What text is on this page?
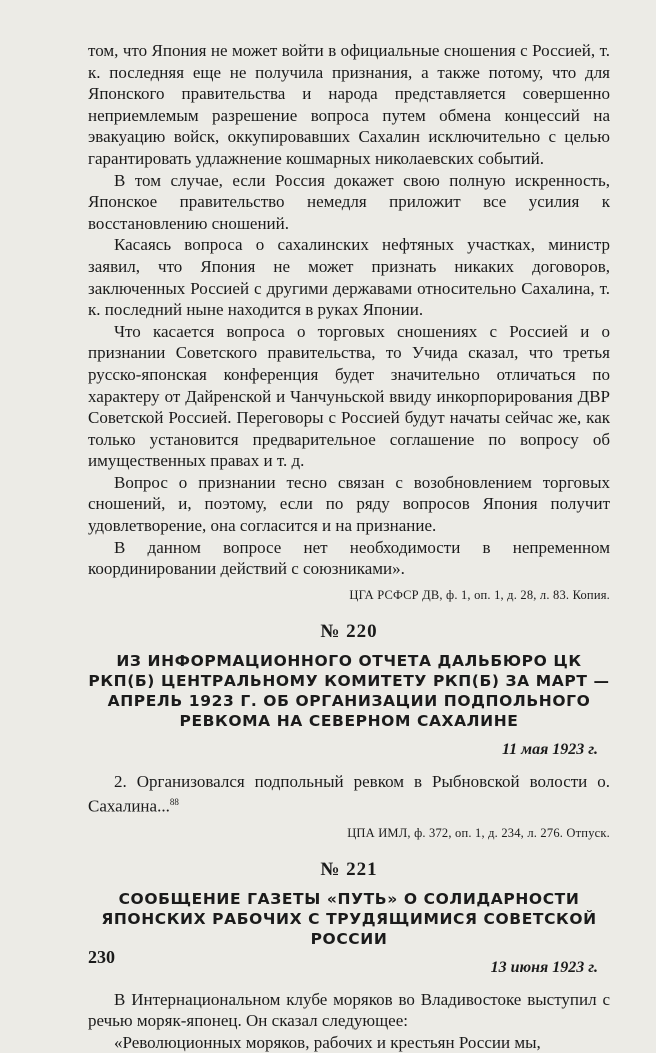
том, что Япония не может войти в официальные сношения с Россией, т. к. последняя еще не получила признания, а также потому, что для Японского правительства и народа представляется совершенно неприемлемым разрешение вопроса путем обмена концессий на эвакуацию войск, оккупировавших Сахалин исключительно с целью гарантировать удлажнение кошмарных николаевских событий.

В том случае, если Россия докажет свою полную искренность, Японское правительство немедля приложит все усилия к восстановлению сношений.

Касаясь вопроса о сахалинских нефтяных участках, министр заявил, что Япония не может признать никаких договоров, заключенных Россией с другими державами относительно Сахалина, т. к. последний ныне находится в руках Японии.

Что касается вопроса о торговых сношениях с Россией и о признании Советского правительства, то Учида сказал, что третья русско-японская конференция будет значительно отличаться по характеру от Дайренской и Чанчуньской ввиду инкорпорирования ДВР Советской Россией. Переговоры с Россией будут начаты сейчас же, как только установится предварительное соглашение по вопросу об имущественных правах и т. д.

Вопрос о признании тесно связан с возобновлением торговых сношений, и, поэтому, если по ряду вопросов Япония получит удовлетворение, она согласится и на признание.

В данном вопросе нет необходимости в непременном координировании действий с союзниками».

ЦГА РСФСР ДВ, ф. 1, оп. 1, д. 28, л. 83. Копия.

№ 220

ИЗ ИНФОРМАЦИОННОГО ОТЧЕТА ДАЛЬБЮРО ЦК РКП(Б) ЦЕНТРАЛЬНОМУ КОМИТЕТУ РКП(Б) ЗА МАРТ — АПРЕЛЬ 1923 Г. ОБ ОРГАНИЗАЦИИ ПОДПОЛЬНОГО РЕВКОМА НА СЕВЕРНОМ САХАЛИНЕ

11 мая 1923 г.

2. Организовался подпольный ревком в Рыбновской волости о. Сахалина...$^{88}$

ЦПА ИМЛ, ф. 372, оп. 1, д. 234, л. 276. Отпуск.

№ 221

СООБЩЕНИЕ ГАЗЕТЫ «ПУТЬ» О СОЛИДАРНОСТИ ЯПОНСКИХ РАБОЧИХ С ТРУДЯЩИМИСЯ СОВЕТСКОЙ РОССИИ

13 июня 1923 г.

В Интернациональном клубе моряков во Владивостоке выступил с речью моряк-японец. Он сказал следующее:

«Революционных моряков, рабочих и крестьян России мы,

230
